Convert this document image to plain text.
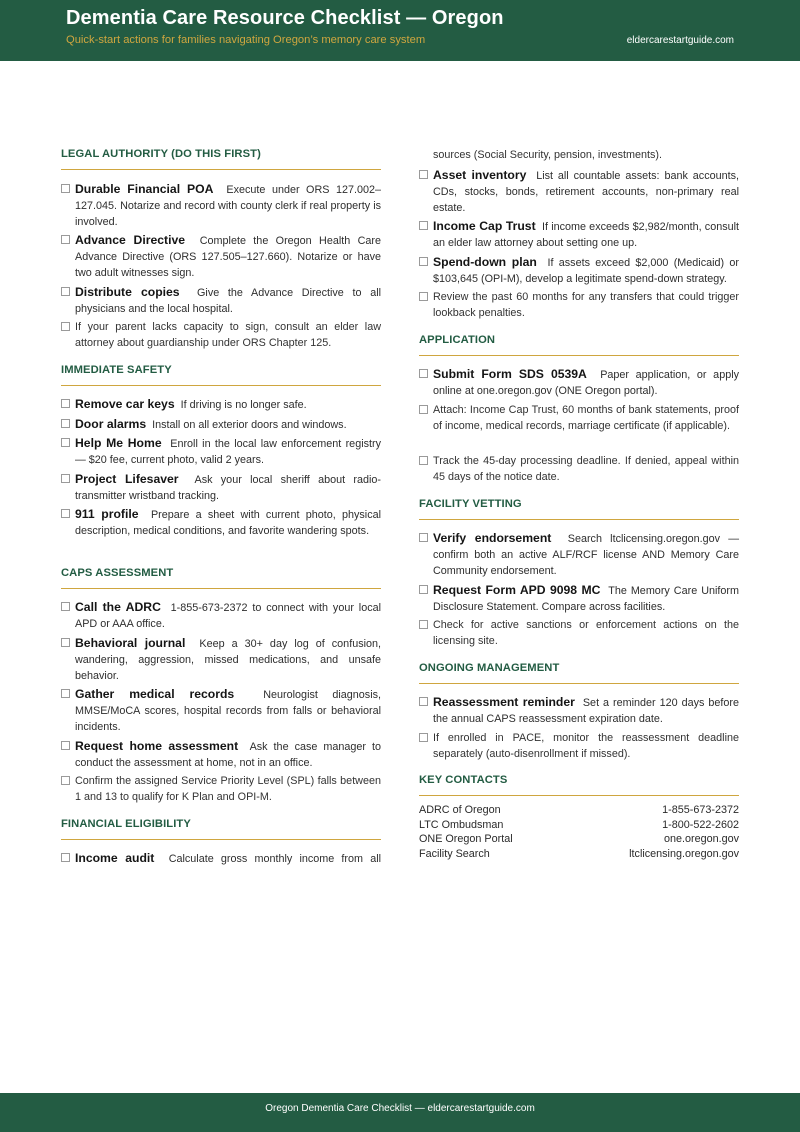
Dementia Care Resource Checklist — Oregon
Quick-start actions for families navigating Oregon’s memory care system	eldercarestartguide.com
LEGAL AUTHORITY (DO THIS FIRST)
Durable Financial POA Execute under ORS 127.002–127.045. Notarize and record with county clerk if real property is involved.
Advance Directive Complete the Oregon Health Care Advance Directive (ORS 127.505–127.660). Notarize or have two adult witnesses sign.
Distribute copies Give the Advance Directive to all physicians and the local hospital.
If your parent lacks capacity to sign, consult an elder law attorney about guardianship under ORS Chapter 125.
IMMEDIATE SAFETY
Remove car keys If driving is no longer safe.
Door alarms Install on all exterior doors and windows.
Help Me Home Enroll in the local law enforcement registry — $20 fee, current photo, valid 2 years.
Project Lifesaver Ask your local sheriff about radio-transmitter wristband tracking.
911 profile Prepare a sheet with current photo, physical description, medical conditions, and favorite wandering spots.
CAPS ASSESSMENT
Call the ADRC 1-855-673-2372 to connect with your local APD or AAA office.
Behavioral journal Keep a 30+ day log of confusion, wandering, aggression, missed medications, and unsafe behavior.
Gather medical records	Neurologist diagnosis, MMSE/MoCA scores, hospital records from falls or behavioral incidents.
Request home assessment Ask the case manager to conduct the assessment at home, not in an office.
Confirm the assigned Service Priority Level (SPL) falls between 1 and 13 to qualify for K Plan and OPI-M.
FINANCIAL ELIGIBILITY
Income audit Calculate gross monthly income from all
sources (Social Security, pension, investments).
Asset inventory List all countable assets: bank accounts, CDs, stocks, bonds, retirement accounts, non-primary real estate.
Income Cap Trust If income exceeds $2,982/month, consult an elder law attorney about setting one up.
Spend-down plan If assets exceed $2,000 (Medicaid) or $103,645 (OPI-M), develop a legitimate spend-down strategy.
Review the past 60 months for any transfers that could trigger lookback penalties.
APPLICATION
Submit Form SDS 0539A Paper application, or apply online at one.oregon.gov (ONE Oregon portal).
Attach: Income Cap Trust, 60 months of bank statements, proof of income, medical records, marriage certificate (if applicable).
Track the 45-day processing deadline. If denied, appeal within 45 days of the notice date.
FACILITY VETTING
Verify endorsement Search ltclicensing.oregon.gov — confirm both an active ALF/RCF license AND Memory Care Community endorsement.
Request Form APD 9098 MC The Memory Care Uniform Disclosure Statement. Compare across facilities.
Check for active sanctions or enforcement actions on the licensing site.
ONGOING MANAGEMENT
Reassessment reminder Set a reminder 120 days before the annual CAPS reassessment expiration date.
If enrolled in PACE, monitor the reassessment deadline separately (auto-disenrollment if missed).
KEY CONTACTS
ADRC of Oregon	1-855-673-2372
LTC Ombudsman	1-800-522-2602
ONE Oregon Portal	one.oregon.gov
Facility Search	ltclicensing.oregon.gov
Oregon Dementia Care Checklist — eldercarestartguide.com
